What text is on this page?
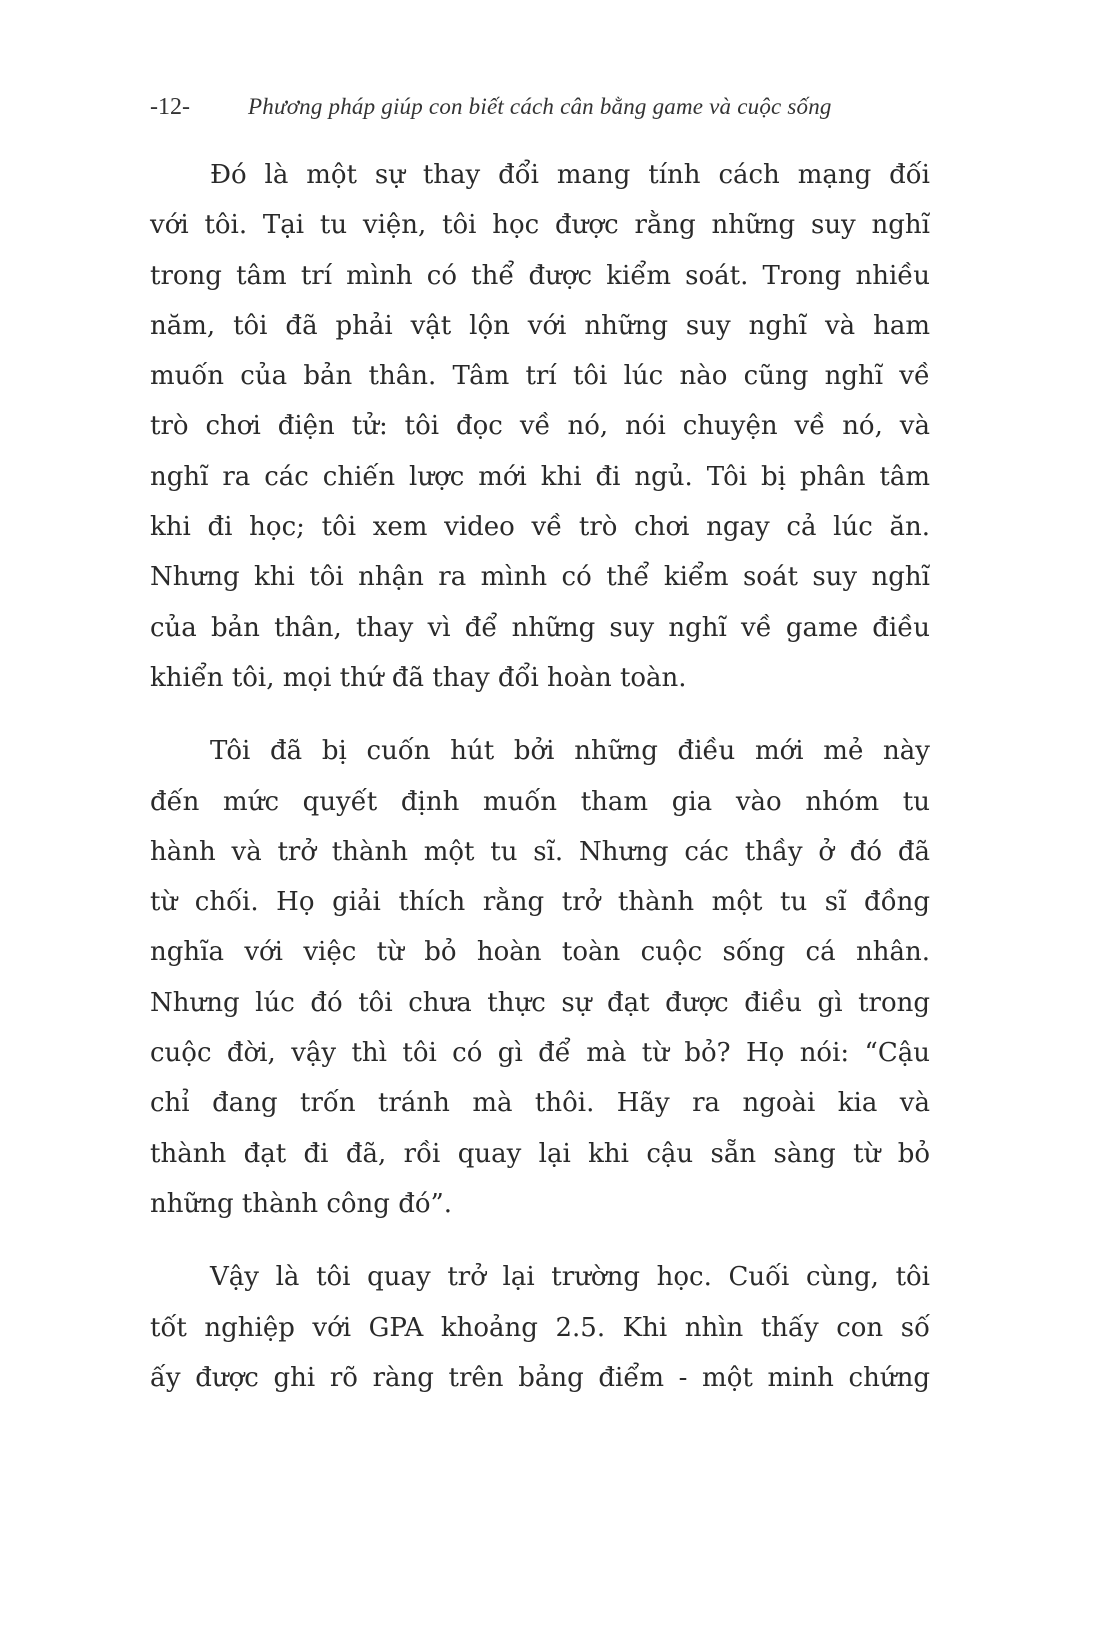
-12-	Phương pháp giúp con biết cách cân bằng game và cuộc sống
Đó là một sự thay đổi mang tính cách mạng đối
với tôi. Tại tu viện, tôi học được rằng những suy nghĩ
trong tâm trí mình có thể được kiểm soát. Trong nhiều
năm, tôi đã phải vật lộn với những suy nghĩ và ham
muốn của bản thân. Tâm trí tôi lúc nào cũng nghĩ về
trò chơi điện tử: tôi đọc về nó, nói chuyện về nó, và
nghĩ ra các chiến lược mới khi đi ngủ. Tôi bị phân tâm
khi đi học; tôi xem video về trò chơi ngay cả lúc ăn.
Nhưng khi tôi nhận ra mình có thể kiểm soát suy nghĩ
của bản thân, thay vì để những suy nghĩ về game điều
khiển tôi, mọi thứ đã thay đổi hoàn toàn.
Tôi đã bị cuốn hút bởi những điều mới mẻ này
đến mức quyết định muốn tham gia vào nhóm tu
hành và trở thành một tu sĩ. Nhưng các thầy ở đó đã
từ chối. Họ giải thích rằng trở thành một tu sĩ đồng
nghĩa với việc từ bỏ hoàn toàn cuộc sống cá nhân.
Nhưng lúc đó tôi chưa thực sự đạt được điều gì trong
cuộc đời, vậy thì tôi có gì để mà từ bỏ? Họ nói: “Cậu
chỉ đang trốn tránh mà thôi. Hãy ra ngoài kia và
thành đạt đi đã, rồi quay lại khi cậu sẵn sàng từ bỏ
những thành công đó”.
Vậy là tôi quay trở lại trường học. Cuối cùng, tôi
tốt nghiệp với GPA khoảng 2.5. Khi nhìn thấy con số
ấy được ghi rõ ràng trên bảng điểm - một minh chứng
